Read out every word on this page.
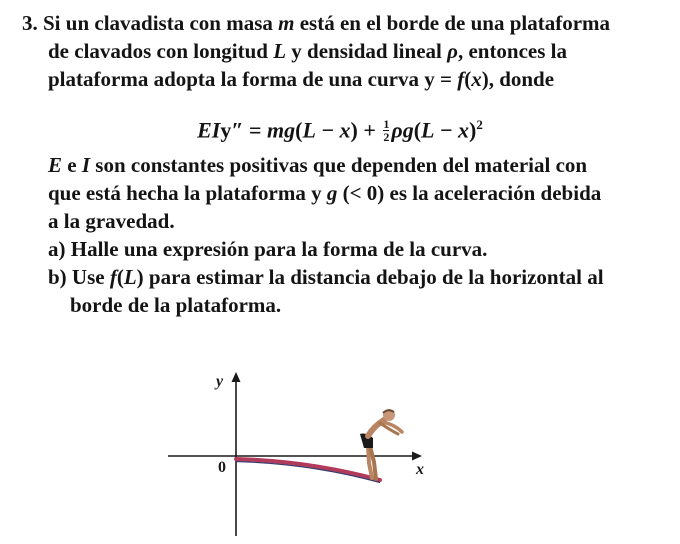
3. Si un clavadista con masa m está en el borde de una plataforma
de clavados con longitud L y densidad lineal ρ, entonces la
plataforma adopta la forma de una curva y = f(x), donde
$EIy'' = mg(L - x) + \frac{1}{2} \rho g(L - x)^2$
E e I son constantes positivas que dependen del material con
que está hecha la plataforma y g (< 0) es la aceleración debida
a la gravedad.
a) Halle una expresión para la forma de la curva.
b) Use f(L) para estimar la distancia debajo de la horizontal al
borde de la plataforma.
y
0	x
